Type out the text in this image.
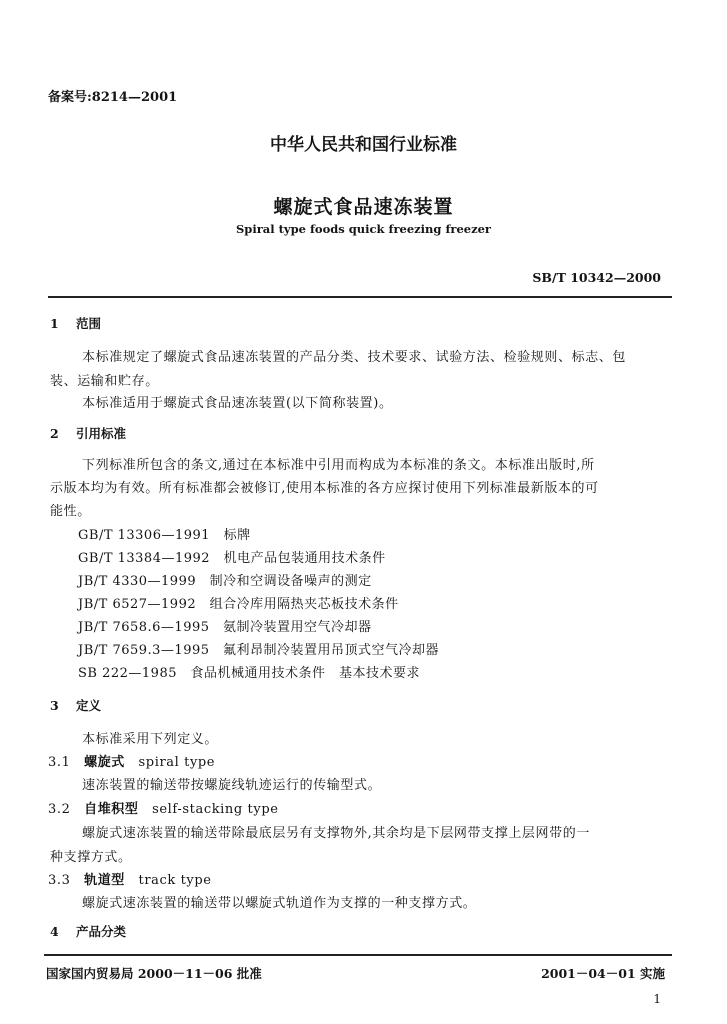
备案号:8214—2001
中华人民共和国行业标准
螺旋式食品速冻装置
Spiral type foods quick freezing freezer
SB/T 10342—2000
1 范围
本标准规定了螺旋式食品速冻装置的产品分类、技术要求、试验方法、检验规则、标志、包
装、运输和贮存。
本标准适用于螺旋式食品速冻装置(以下简称装置)。
2 引用标准
下列标准所包含的条文,通过在本标准中引用而构成为本标准的条文。本标准出版时,所
示版本均为有效。所有标准都会被修订,使用本标准的各方应探讨使用下列标准最新版本的可
能性。
GB/T 13306—1991　 标牌
GB/T 13384—1992　 机电产品包装通用技术条件
JB/T 4330—1999　 制冷和空调设备噪声的测定
JB/T 6527—1992　 组合冷库用隔热夹芯板技术条件
JB/T 7658.6—1995　 氨制冷装置用空气冷却器
JB/T 7659.3—1995　 氟利昂制冷装置用吊顶式空气冷却器
SB 222—1985　 食品机械通用技术条件　基本技术要求
3 定义
本标准采用下列定义。
3.1　 螺旋式　 spiral type
速冻装置的输送带按螺旋线轨迹运行的传输型式。
3.2　 自堆积型　 self-stacking type
螺旋式速冻装置的输送带除最底层另有支撑物外,其余均是下层网带支撑上层网带的一
种支撑方式。
3.3　 轨道型　 track type
螺旋式速冻装置的输送带以螺旋式轨道作为支撑的一种支撑方式。
4 产品分类
国家国内贸易局 2000－11－06 批准	2001－04－01 实施
1
